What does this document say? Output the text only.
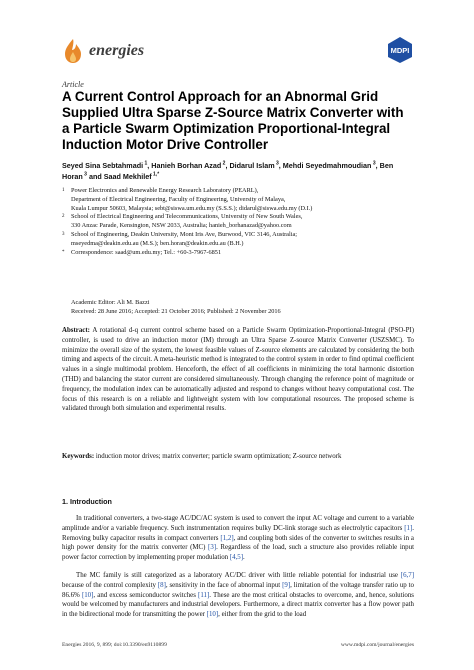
energies	MDPI
Article
A Current Control Approach for an Abnormal Grid Supplied Ultra Sparse Z-Source Matrix Converter with a Particle Swarm Optimization Proportional-Integral Induction Motor Drive Controller
Seyed Sina Sebtahmadi $^1$, Hanieh Borhan Azad $^2$, Didarul Islam $^3$, Mehdi Seyedmahmoudian $^3$, Ben Horan $^3$ and Saad Mekhilef $^{1,*}$
1	Power Electronics and Renewable Energy Research Laboratory (PEARL),
Department of Electrical Engineering, Faculty of Engineering, University of Malaya,
Kuala Lumpur 50603, Malaysia; sebt@siswa.um.edu.my (S.S.S.); didarul@siswa.edu.my (D.I.)
2	School of Electrical Engineering and Telecommunications, University of New South Wales,
330 Anzac Parade, Kensington, NSW 2033, Australia; hanieh_borhanazad@yahoo.com
3	School of Engineering, Deakin University, Mont Iris Ave, Burwood, VIC 3146, Australia;
mseyedma@deakin.edu.au (M.S.); ben.horan@deakin.edu.au (B.H.)
*	Correspondence: saad@um.edu.my; Tel.: +60-3-7967-6851
Academic Editor: Ali M. Bazzi
Received: 28 June 2016; Accepted: 21 October 2016; Published: 2 November 2016

Abstract: A rotational d-q current control scheme based on a Particle Swarm Optimization-Proportional-Integral (PSO-PI) controller, is used to drive an induction motor (IM) through an Ultra Sparse Z-source Matrix Converter (USZSMC). To minimize the overall size of the system, the lowest feasible values of Z-source elements are calculated by considering the both timing and aspects of the circuit. A meta-heuristic method is integrated to the control system in order to find optimal coefficient values in a single multimodal problem. Henceforth, the effect of all coefficients in minimizing the total harmonic distortion (THD) and balancing the stator current are considered simultaneously. Through changing the reference point of magnitude or frequency, the modulation index can be automatically adjusted and respond to changes without heavy computational cost. The focus of this research is on a reliable and lightweight system with low computational resources. The proposed scheme is validated through both simulation and experimental results.

Keywords: induction motor drives; matrix converter; particle swarm optimization; Z-source network
1. Introduction

In traditional converters, a two-stage AC/DC/AC system is used to convert the input AC voltage and current to a variable amplitude and/or a variable frequency. Such instrumentation requires bulky DC-link storage such as electrolytic capacitors [1]. Removing bulky capacitor results in compact converters [1,2], and coupling both sides of the converter to switches results in a high power density for the matrix converter (MC) [3]. Regardless of the load, such a structure also provides reliable input power factor correction by implementing proper modulation [4,5].

The MC family is still categorized as a laboratory AC/DC driver with little reliable potential for industrial use [6,7] because of the control complexity [8], sensitivity in the face of abnormal input [9], limitation of the voltage transfer ratio up to 86.6% [10], and excess semiconductor switches [11]. These are the most critical obstacles to overcome, and, hence, solutions would be welcomed by manufacturers and industrial developers. Furthermore, a direct matrix converter has a flow power path in the bidirectional mode for transmitting the power [10], either from the grid to the load

Energies 2016, 9, 899; doi:10.3390/en9110899	www.mdpi.com/journal/energies
